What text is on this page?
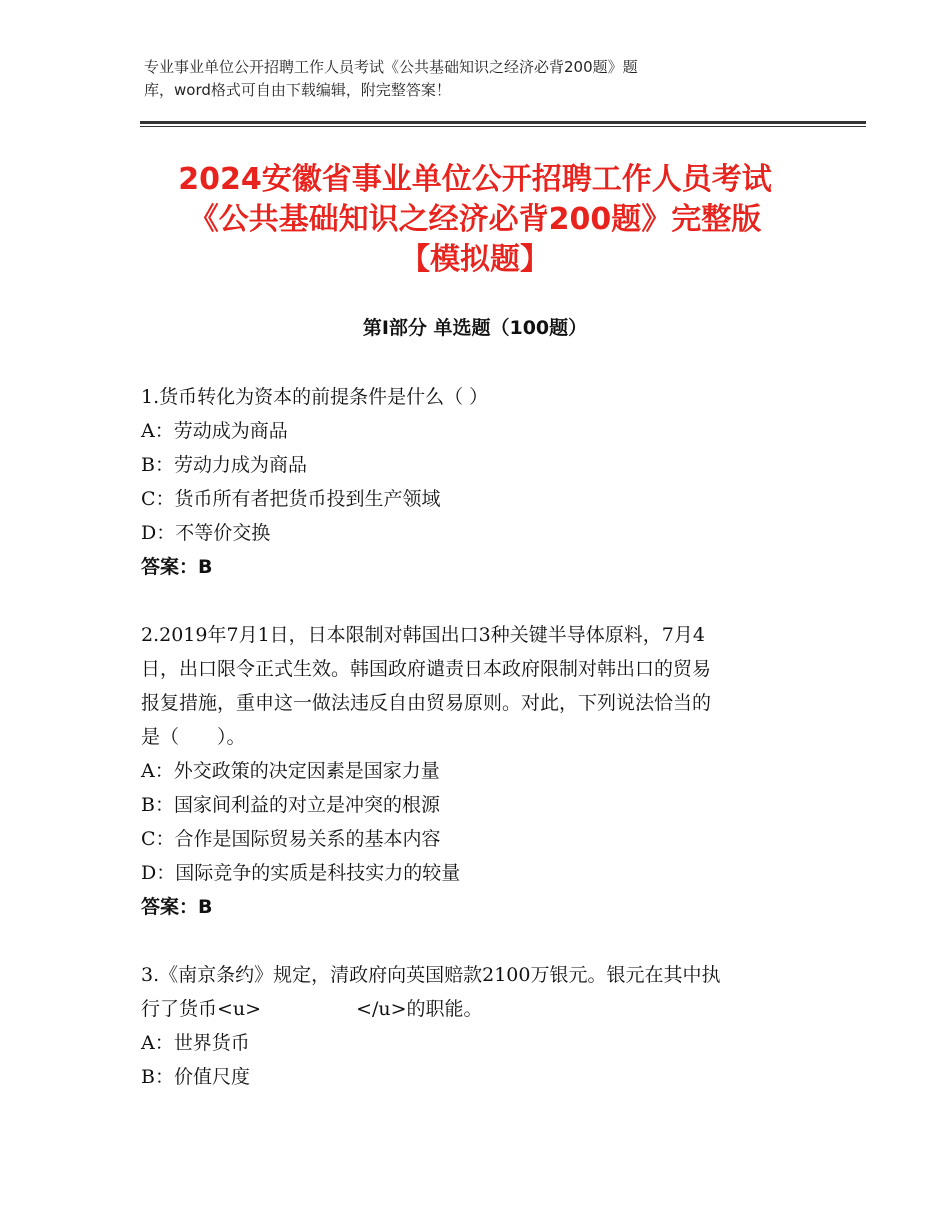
专业事业单位公开招聘工作人员考试《公共基础知识之经济必背200题》题
库，word格式可自由下载编辑，附完整答案！
2024安徽省事业单位公开招聘工作人员考试
《公共基础知识之经济必背200题》完整版
【模拟题】
第Ⅰ部分 单选题（100题）
1.货币转化为资本的前提条件是什么（ ）
A：劳动成为商品
B：劳动力成为商品
C：货币所有者把货币投到生产领域
D：不等价交换
答案：B
2.2019年7月1日，日本限制对韩国出口3种关键半导体原料，7月4
日，出口限令正式生效。韩国政府谴责日本政府限制对韩出口的贸易
报复措施，重申这一做法违反自由贸易原则。对此，下列说法恰当的
是（　　）。
A：外交政策的决定因素是国家力量
B：国家间利益的对立是冲突的根源
C：合作是国际贸易关系的基本内容
D：国际竞争的实质是科技实力的较量
答案：B
3.《南京条约》规定，清政府向英国赔款2100万银元。银元在其中执
行了货币<u>　　　　　</u>的职能。
A：世界货币
B：价值尺度
